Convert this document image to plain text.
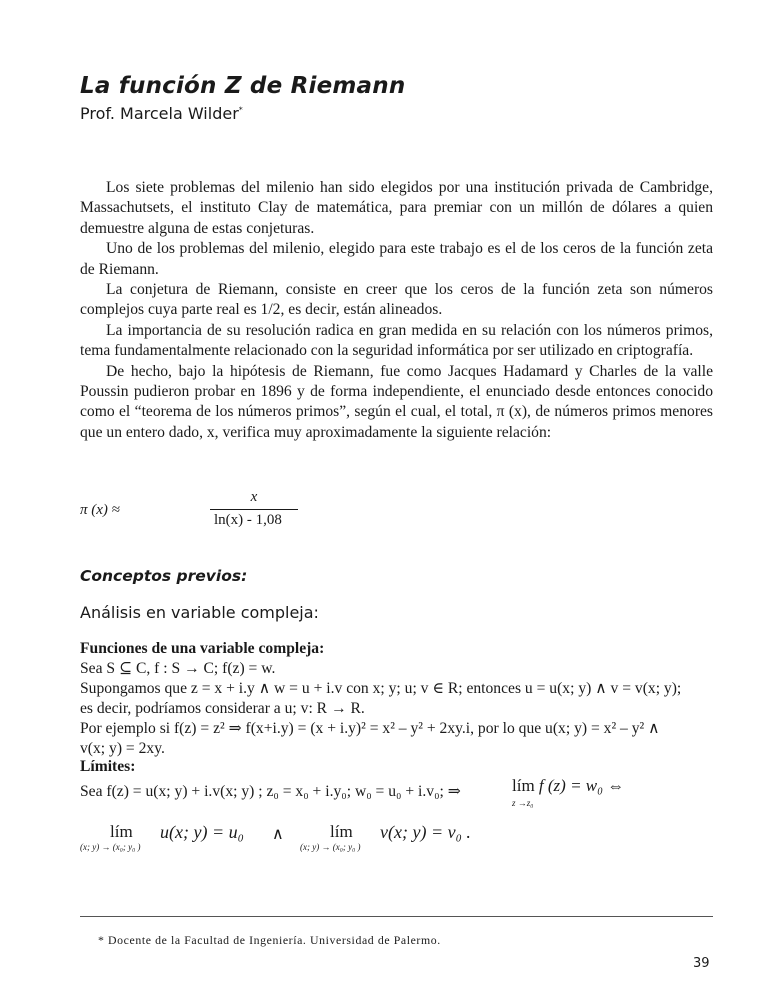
La función Z de Riemann
Prof. Marcela Wilder*

Los siete problemas del milenio han sido elegidos por una institución privada de Cambridge, Massachutsets, el instituto Clay de matemática, para premiar con un millón de dólares a quien demuestre alguna de estas conjeturas.

Uno de los problemas del milenio, elegido para este trabajo es el de los ceros de la función zeta de Riemann.

La conjetura de Riemann, consiste en creer que los ceros de la función zeta son números complejos cuya parte real es 1/2, es decir, están alineados.

La importancia de su resolución radica en gran medida en su relación con los números primos, tema fundamentalmente relacionado con la seguridad informática por ser utilizado en criptografía.

De hecho, bajo la hipótesis de Riemann, fue como Jacques Hadamard y Charles de la valle Poussin pudieron probar en 1896 y de forma independiente, el enunciado desde entonces conocido como el “teorema de los números primos”, según el cual, el total, π (x), de números primos menores que un entero dado, x, verifica muy aproximadamente la siguiente relación:

π (x) ≈
x
ln(x) - 1,08
Conceptos previos:
Análisis en variable compleja:
Funciones de una variable compleja:
Sea S ⊆ C, f : S → C; f(z) = w.
Supongamos que z = x + i.y ∧ w = u + i.v con x; y; u; v ∈ R; entonces u = u(x; y) ∧ v = v(x; y);
es decir, podríamos considerar a u; v: R → R.
Por ejemplo si f(z) = z² ⇒ f(x+i.y) = (x + i.y)² = x² – y² + 2xy.i, por lo que u(x; y) = x² – y² ∧
v(x; y) = 2xy.
Límites:
Sea f(z) = u(x; y) + i.v(x; y) ; z₀ = x₀ + i.y₀; w₀ = u₀ + i.v₀; ⇒	lím f (z) = w₀ ⇔
z →z₀
lím u(x; y) = u₀
(x; y) → (x₀; y₀ )
∧	lím v(x; y) = v₀ .
(x; y) → (x₀; y₀ )
* Docente de la Facultad de Ingeniería. Universidad de Palermo.
39
